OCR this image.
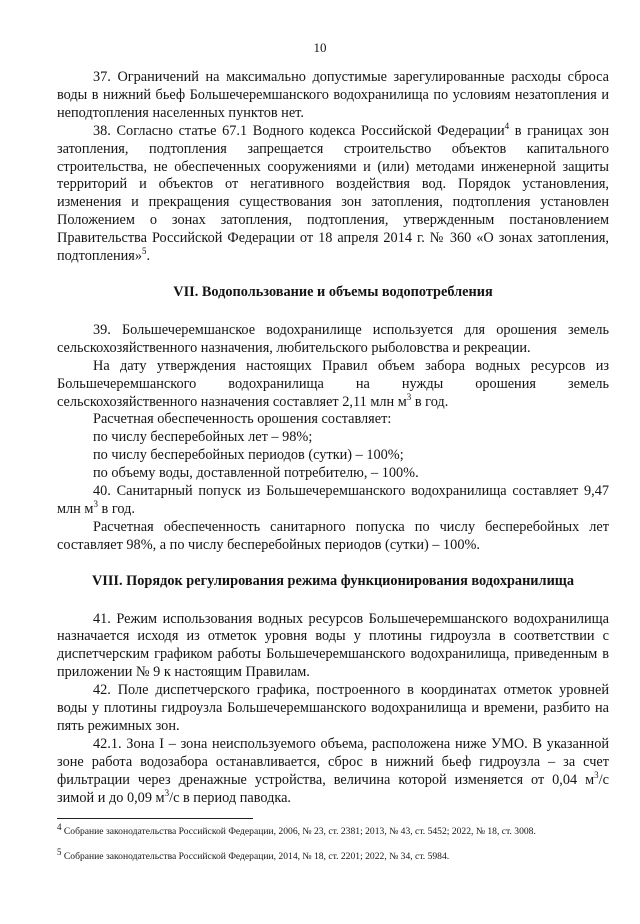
10

37. Ограничений на максимально допустимые зарегулированные расходы сброса воды в нижний бьеф Большечеремшанского водохранилища по условиям незатопления и неподтопления населенных пунктов нет.

38. Согласно статье 67.1 Водного кодекса Российской Федерации$^4$ в границах зон затопления, подтопления запрещается строительство объектов капитального строительства, не обеспеченных сооружениями и (или) методами инженерной защиты территорий и объектов от негативного воздействия вод. Порядок установления, изменения и прекращения существования зон затопления, подтопления установлен Положением о зонах затопления, подтопления, утвержденным постановлением Правительства Российской Федерации от 18 апреля 2014 г. № 360 «О зонах затопления, подтопления»$^5$.

VII. Водопользование и объемы водопотребления

39. Большечеремшанское водохранилище используется для орошения земель сельскохозяйственного назначения, любительского рыболовства и рекреации.

На дату утверждения настоящих Правил объем забора водных ресурсов из Большечеремшанского водохранилища на нужды орошения земель сельскохозяйственного назначения составляет 2,11 млн $м^3$ в год.

Расчетная обеспеченность орошения составляет:

по числу бесперебойных лет – 98%;

по числу бесперебойных периодов (сутки) – 100%;

по объему воды, доставленной потребителю, – 100%.

40. Санитарный попуск из Большечеремшанского водохранилища составляет 9,47 млн $м^3$ в год.

Расчетная обеспеченность санитарного попуска по числу бесперебойных лет составляет 98%, а по числу бесперебойных периодов (сутки) – 100%.

VIII. Порядок регулирования режима функционирования водохранилища

41. Режим использования водных ресурсов Большечеремшанского водохранилища назначается исходя из отметок уровня воды у плотины гидроузла в соответствии с диспетчерским графиком работы Большечеремшанского водохранилища, приведенным в приложении № 9 к настоящим Правилам.

42. Поле диспетчерского графика, построенного в координатах отметок уровней воды у плотины гидроузла Большечеремшанского водохранилища и времени, разбито на пять режимных зон.

42.1. Зона I – зона неиспользуемого объема, расположена ниже УМО. В указанной зоне работа водозабора останавливается, сброс в нижний бьеф гидроузла – за счет фильтрации через дренажные устройства, величина которой изменяется от 0,04 $м^3/с$ зимой и до 0,09 $м^3/с$ в период паводка.

4 Собрание законодательства Российской Федерации, 2006, № 23, ст. 2381; 2013, № 43, ст. 5452; 2022, № 18, ст. 3008.
5 Собрание законодательства Российской Федерации, 2014, № 18, ст. 2201; 2022, № 34, ст. 5984.
